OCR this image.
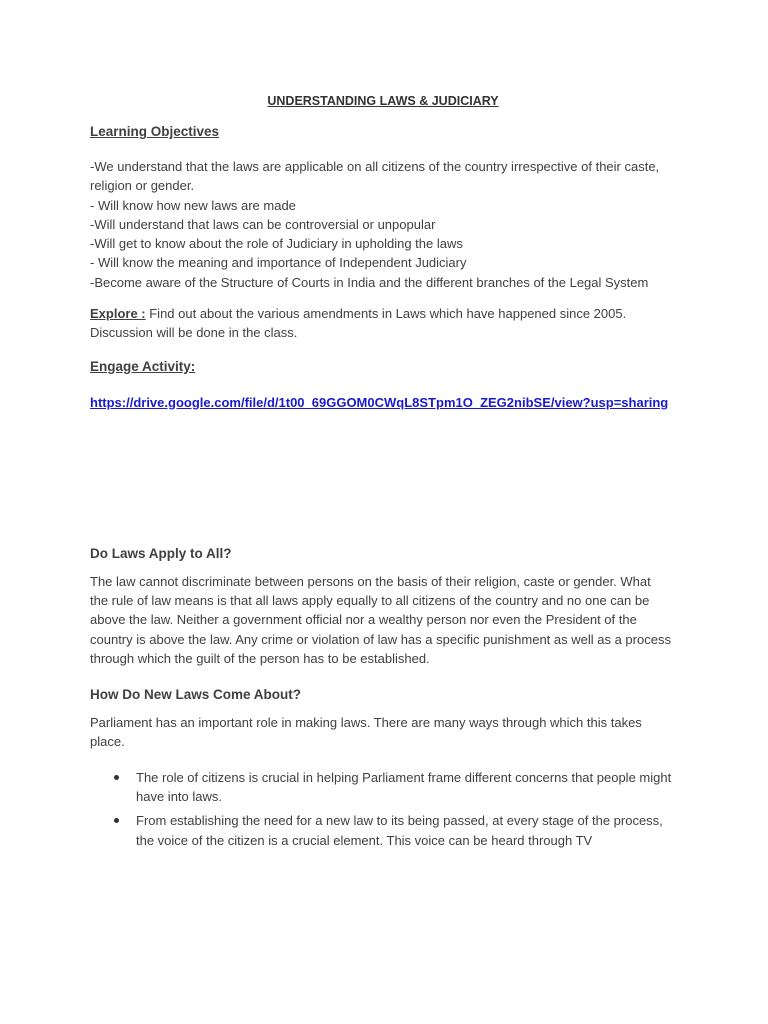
UNDERSTANDING LAWS & JUDICIARY
Learning Objectives

-We understand that the laws are applicable on all citizens of the country irrespective of their caste, religion or gender.

- Will know how new laws are made

-Will understand that laws can be controversial or unpopular

-Will get to know about the role of Judiciary in upholding the laws

- Will know the meaning and importance of Independent Judiciary

-Become aware of the Structure of Courts in India and the different branches of the Legal System

Explore : Find out about the various amendments in Laws which have happened since 2005. Discussion will be done in the class.

Engage Activity:
https://drive.google.com/file/d/1t00_69GGOM0CWqL8STpm1O_ZEG2nibSE/view?usp=sharing
Do Laws Apply to All?

The law cannot discriminate between persons on the basis of their religion, caste or gender. What the rule of law means is that all laws apply equally to all citizens of the country and no one can be above the law. Neither a government official nor a wealthy person nor even the President of the country is above the law. Any crime or violation of law has a specific punishment as well as a process through which the guilt of the person has to be established.

How Do New Laws Come About?

Parliament has an important role in making laws. There are many ways through which this takes place.

The role of citizens is crucial in helping Parliament frame different concerns that people might have into laws.
From establishing the need for a new law to its being passed, at every stage of the process, the voice of the citizen is a crucial element. This voice can be heard through TV
